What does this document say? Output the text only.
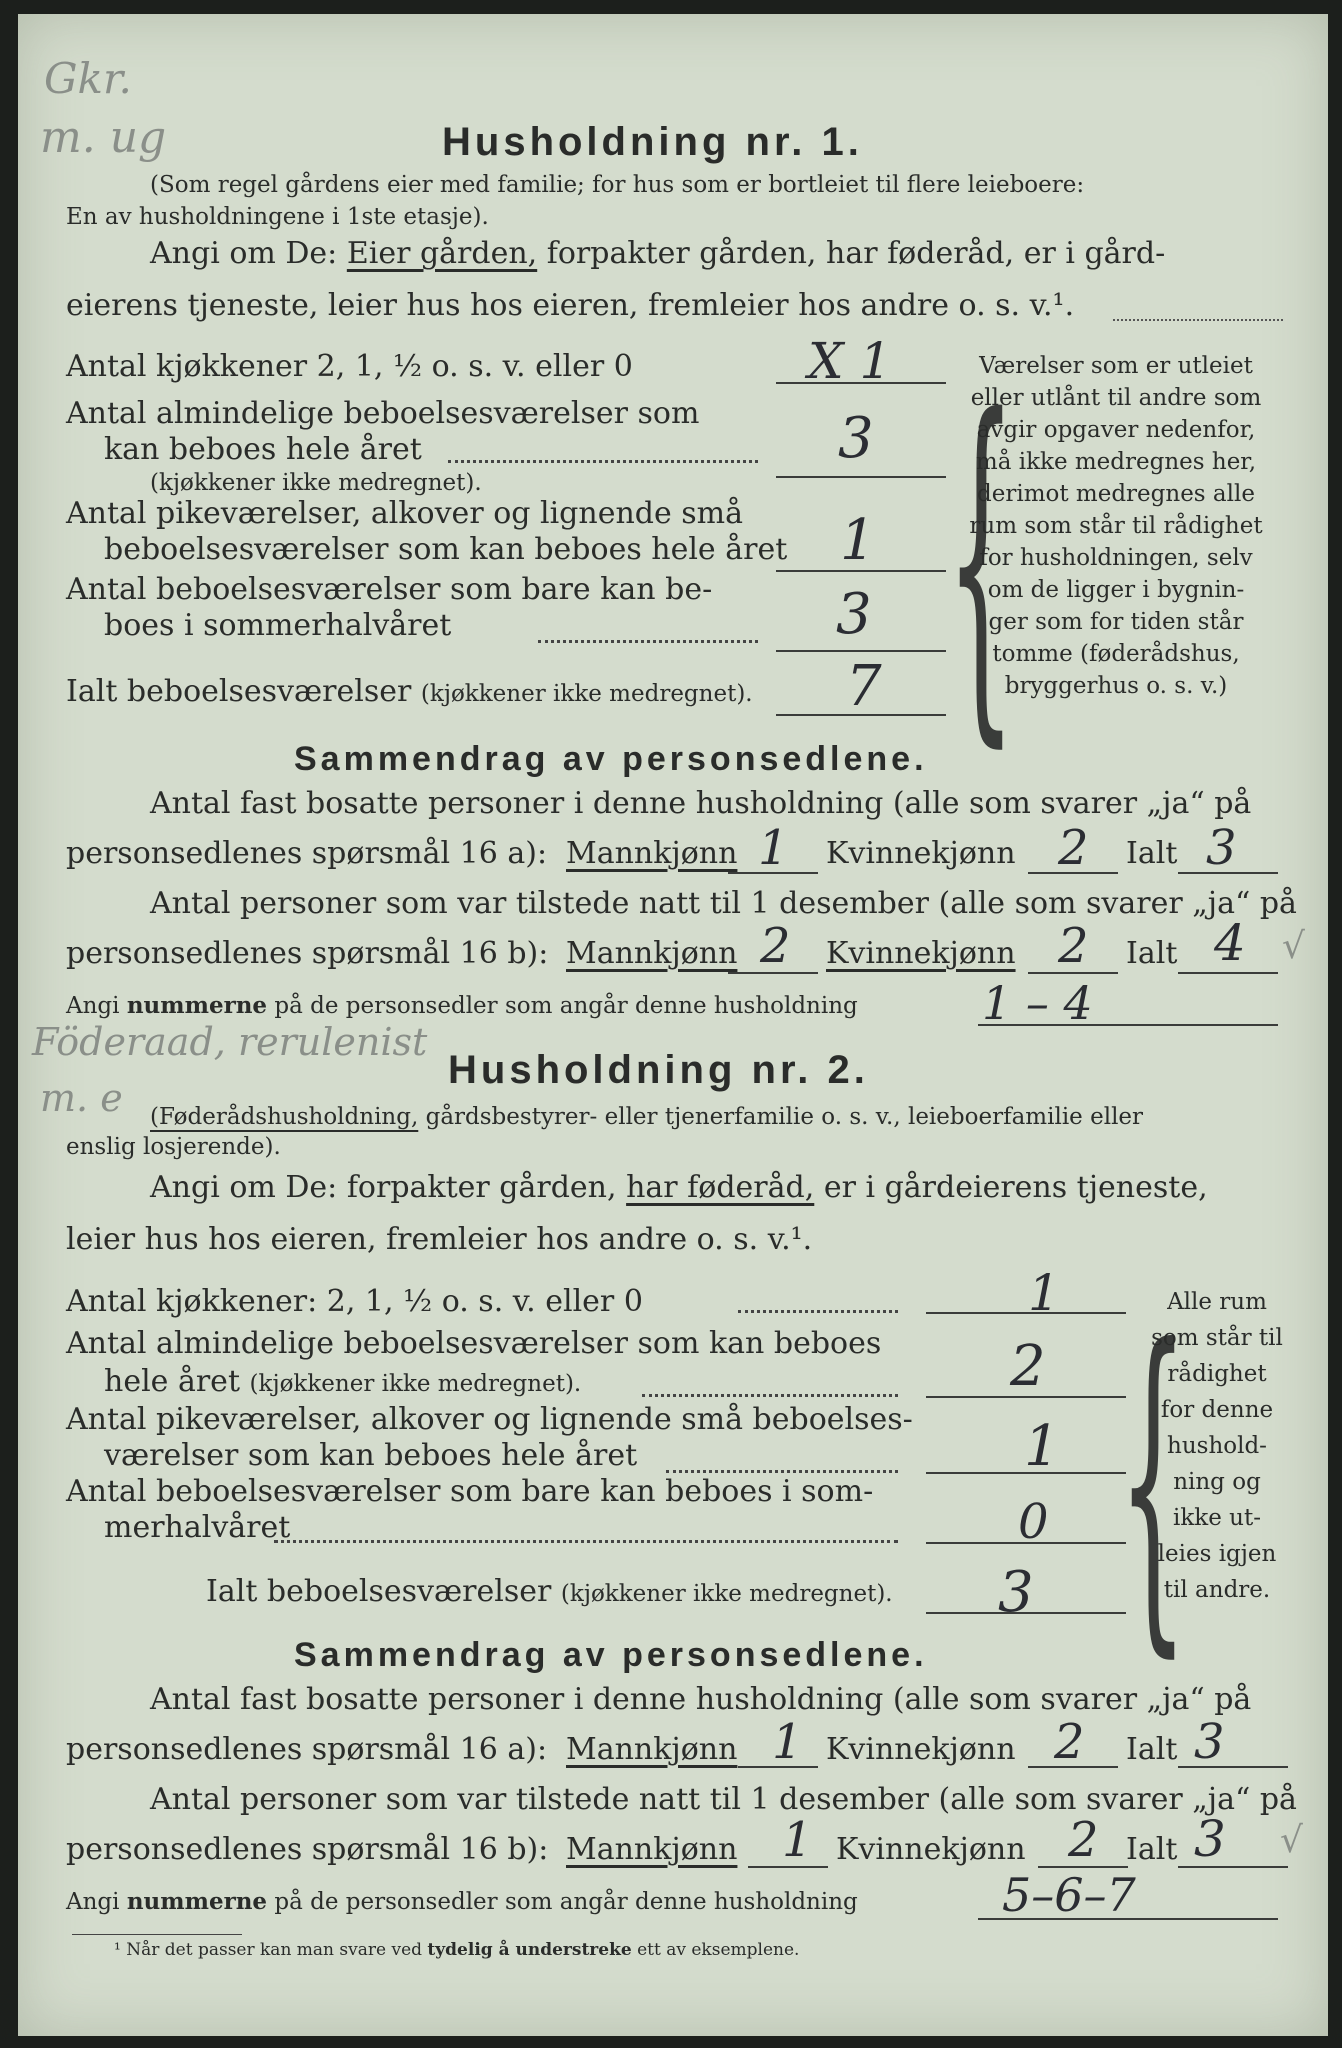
Gkr.
m. ug
Föderaad, rerulenist
m. e
Husholdning nr. 1.
(Som regel gårdens eier med familie; for hus som er bortleiet til flere leieboere:
En av husholdningene i 1ste etasje).
Angi om De: Eier gården, forpakter gården, har føderåd, er i gård-
eierens tjeneste, leier hus hos eieren, fremleier hos andre o. s. v.¹.
Antal kjøkkener 2, 1, ½ o. s. v. eller 0	X 1
Antal almindelige beboelsesværelser som
kan beboes hele året
(kjøkkener ikke medregnet).
3
Antal pikeværelser, alkover og lignende små
beboelsesværelser som kan beboes hele året 1
Antal beboelsesværelser som bare kan be-
boes i sommerhalvåret	3
Ialt beboelsesværelser (kjøkkener ikke medregnet). 7 {
Værelser som er utleiet
eller utlånt til andre som
avgir opgaver nedenfor,
må ikke medregnes her,
derimot medregnes alle
rum som står til rådighet
for husholdningen, selv
om de ligger i bygnin-
ger som for tiden står
tomme (føderådshus,
bryggerhus o. s. v.)
Sammendrag av personsedlene.
Antal fast bosatte personer i denne husholdning (alle som svarer „ja“ på
personsedlenes spørsmål 16 a): Mannkjønn 1 Kvinnekjønn 2 Ialt 3
Antal personer som var tilstede natt til 1 desember (alle som svarer „ja“ på
personsedlenes spørsmål 16 b): Mannkjønn 2 Kvinnekjønn 2 Ialt 4 √
Angi nummerne på de personsedler som angår denne husholdning	1 – 4
Husholdning nr. 2.
(Føderådshusholdning, gårdsbestyrer- eller tjenerfamilie o. s. v., leieboerfamilie eller
enslig losjerende).
Angi om De: forpakter gården, har føderåd, er i gårdeierens tjeneste,
leier hus hos eieren, fremleier hos andre o. s. v.¹.
Antal kjøkkener: 2, 1, ½ o. s. v. eller 0	1
Antal almindelige beboelsesværelser som kan beboes
hele året (kjøkkener ikke medregnet).	2
Antal pikeværelser, alkover og lignende små beboelses-
værelser som kan beboes hele året	1
Antal beboelsesværelser som bare kan beboes i som-
merhalvåret	0
Ialt beboelsesværelser (kjøkkener ikke medregnet). 3 {
Alle rum
som står til
rådighet
for denne
hushold-
ning og
ikke ut-
leies igjen
til andre.
Sammendrag av personsedlene.
Antal fast bosatte personer i denne husholdning (alle som svarer „ja“ på
personsedlenes spørsmål 16 a): Mannkjønn 1 Kvinnekjønn 2 Ialt 3
Antal personer som var tilstede natt til 1 desember (alle som svarer „ja“ på
personsedlenes spørsmål 16 b): Mannkjønn 1 Kvinnekjønn 2 Ialt 3 √
Angi nummerne på de personsedler som angår denne husholdning	5–6–7
¹ Når det passer kan man svare ved tydelig å understreke ett av eksemplene.
